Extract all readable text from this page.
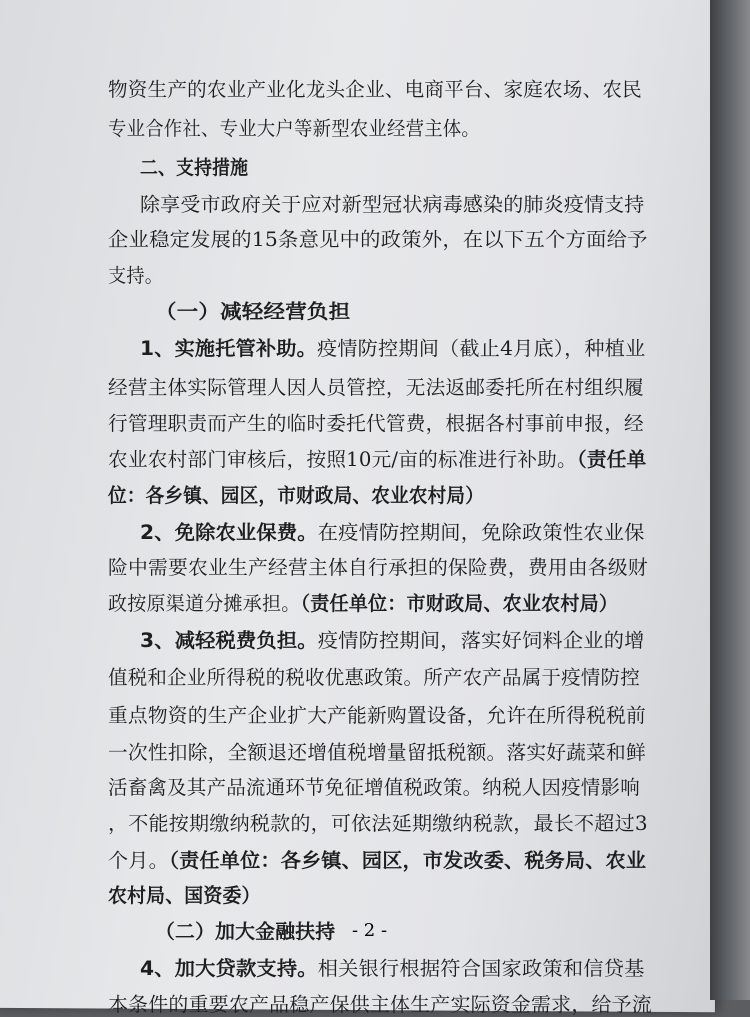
物资生产的农业产业化龙头企业、电商平台、家庭农场、农民
专业合作社、专业大户等新型农业经营主体。
二、支持措施
除享受市政府关于应对新型冠状病毒感染的肺炎疫情支持
企业稳定发展的15条意见中的政策外，在以下五个方面给予
支持。
（一）减轻经营负担
1、实施托管补助。疫情防控期间（截止4月底），种植业
经营主体实际管理人因人员管控，无法返邮委托所在村组织履
行管理职责而产生的临时委托代管费，根据各村事前申报，经
农业农村部门审核后，按照10元/亩的标准进行补助。（责任单
位：各乡镇、园区，市财政局、农业农村局）
2、免除农业保费。在疫情防控期间，免除政策性农业保
险中需要农业生产经营主体自行承担的保险费，费用由各级财
政按原渠道分摊承担。（责任单位：市财政局、农业农村局）
3、减轻税费负担。疫情防控期间，落实好饲料企业的增
值税和企业所得税的税收优惠政策。所产农产品属于疫情防控
重点物资的生产企业扩大产能新购置设备，允许在所得税税前
一次性扣除，全额退还增值税增量留抵税额。落实好蔬菜和鲜
活畜禽及其产品流通环节免征增值税政策。纳税人因疫情影响
，不能按期缴纳税款的，可依法延期缴纳税款，最长不超过3
个月。（责任单位：各乡镇、园区，市发改委、税务局、农业
农村局、国资委）
（二）加大金融扶持
4、加大贷款支持。相关银行根据符合国家政策和信贷基
本条件的重要农产品稳产保供主体生产实际资金需求，给予流
- 2 -
